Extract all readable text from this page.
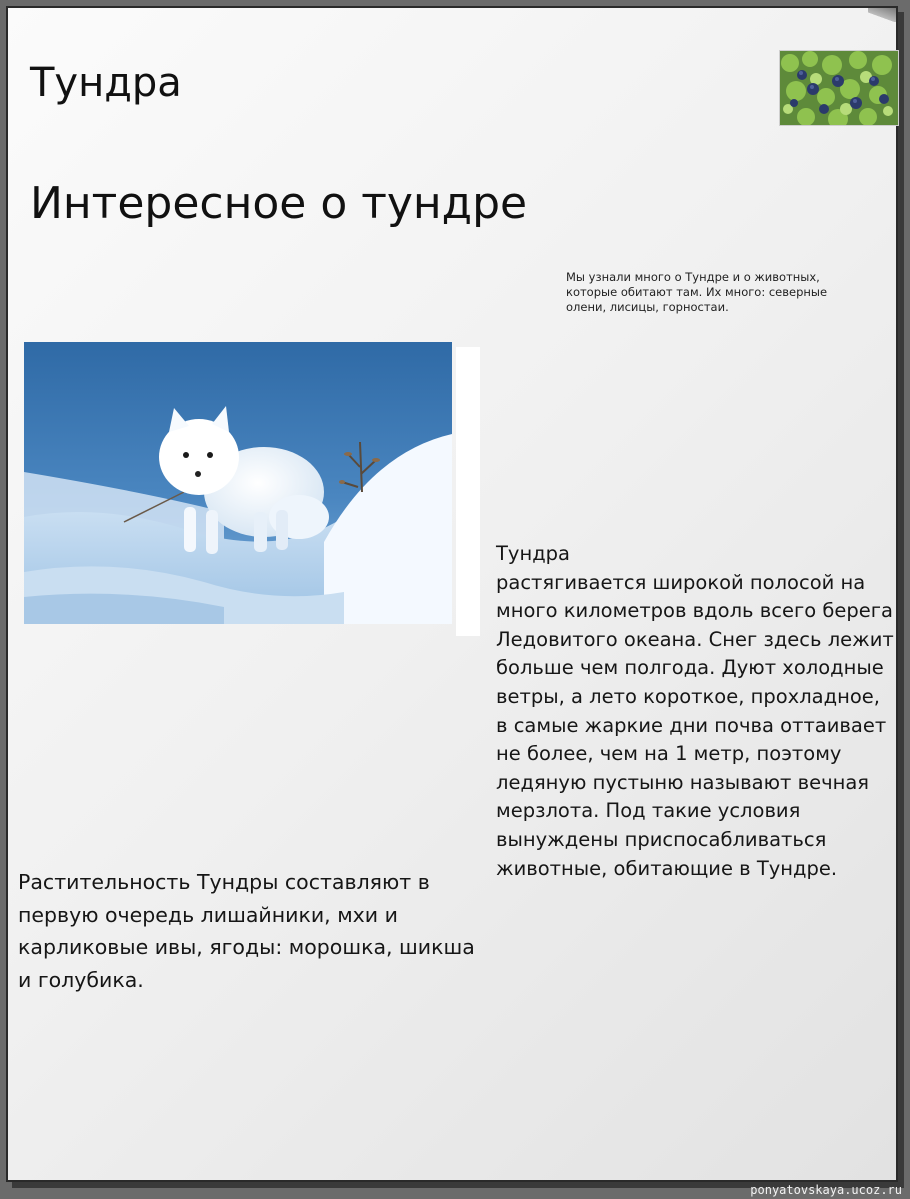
Тундра
Интересное о тундре

Мы узнали много о Тундре и о животных, которые обитают там. Их много: северные олени, лисицы, горностаи.

Тундра
растягивается широкой полосой на много километров вдоль всего берега Ледовитого океана. Снег здесь лежит больше чем полгода. Дуют холодные ветры, а лето короткое, прохладное, в самые жаркие дни почва оттаивает не более, чем на 1 метр, поэтому ледяную пустыню называют вечная мерзлота. Под такие условия вынуждены приспосабливаться животные, обитающие в Тундре.

Растительность Тундры составляют в первую очередь лишайники, мхи и карликовые ивы, ягоды: морошка, шикша и голубика.

ponyatovskaya.ucoz.ru
